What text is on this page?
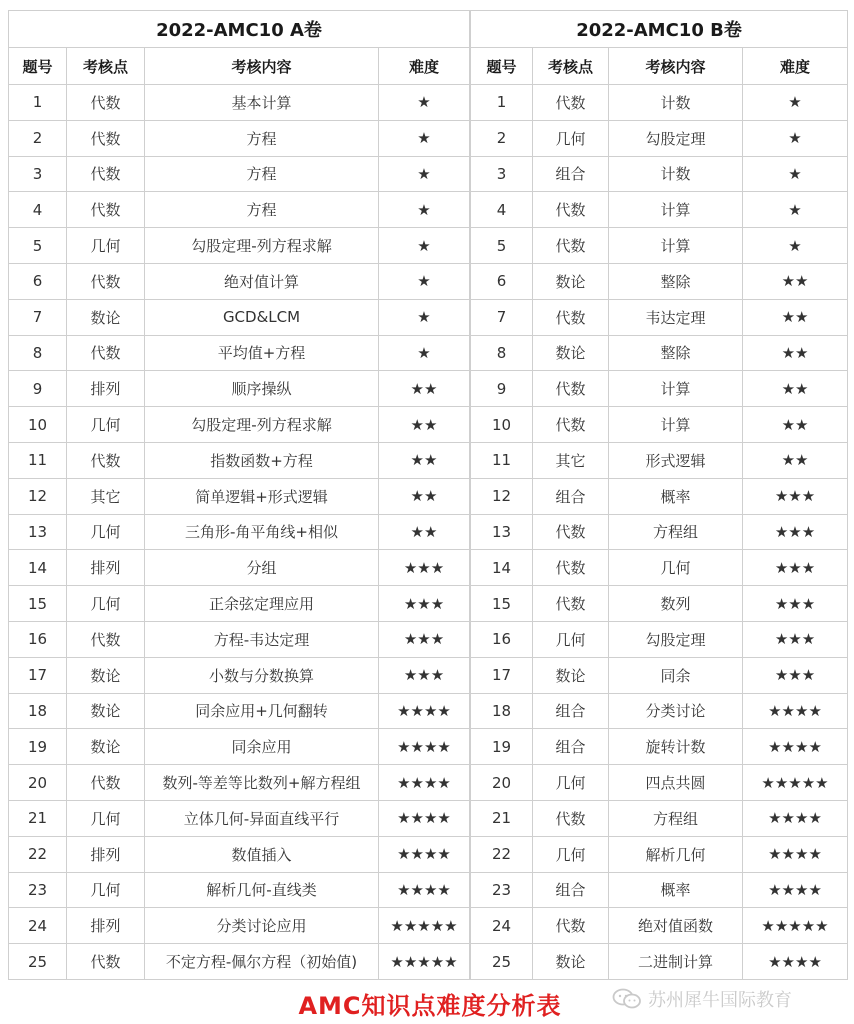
2022-AMC10 A卷			
题号	考核点	考核内容	难度
1	代数	基本计算	★
2	代数	方程	★
3	代数	方程	★
4	代数	方程	★
5	几何	勾股定理-列方程求解	★
6	代数	绝对值计算	★
7	数论	GCD&LCM	★
8	代数	平均值+方程	★
9	排列	顺序操纵	★★
10	几何	勾股定理-列方程求解	★★
11	代数	指数函数+方程	★★
12	其它	简单逻辑+形式逻辑	★★
13	几何	三角形-角平角线+相似	★★
14	排列	分组	★★★
15	几何	正余弦定理应用	★★★
16	代数	方程-韦达定理	★★★
17	数论	小数与分数换算	★★★
18	数论	同余应用+几何翻转	★★★★
19	数论	同余应用	★★★★
20	代数	数列-等差等比数列+解方程组	★★★★
21	几何	立体几何-异面直线平行	★★★★
22	排列	数值插入	★★★★
23	几何	解析几何-直线类	★★★★
24	排列	分类讨论应用	★★★★★
25	代数	不定方程-佩尔方程（初始值)	★★★★★
2022-AMC10 B卷			
题号	考核点	考核内容	难度
1	代数	计数	★
2	几何	勾股定理	★
3	组合	计数	★
4	代数	计算	★
5	代数	计算	★
6	数论	整除	★★
7	代数	韦达定理	★★
8	数论	整除	★★
9	代数	计算	★★
10	代数	计算	★★
11	其它	形式逻辑	★★
12	组合	概率	★★★
13	代数	方程组	★★★
14	代数	几何	★★★
15	代数	数列	★★★
16	几何	勾股定理	★★★
17	数论	同余	★★★
18	组合	分类讨论	★★★★
19	组合	旋转计数	★★★★
20	几何	四点共圆	★★★★★
21	代数	方程组	★★★★
22	几何	解析几何	★★★★
23	组合	概率	★★★★
24	代数	绝对值函数	★★★★★
25	数论	二进制计算	★★★★
AMC知识点难度分析表	苏州犀牛国际教育
